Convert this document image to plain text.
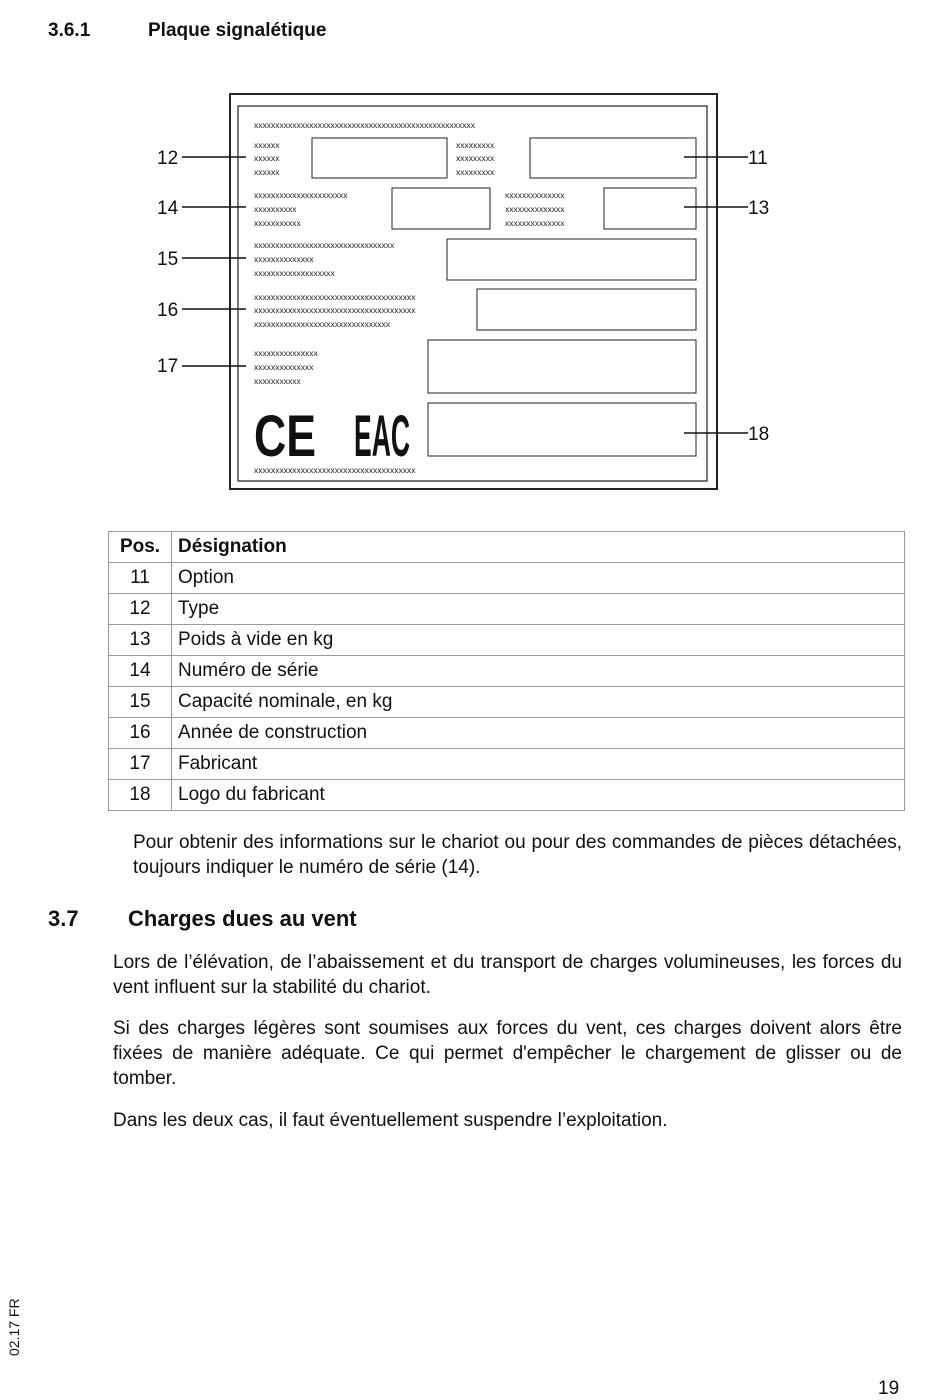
3.6.1	Plaque signalétique
xxxxxxxxxxxxxxxxxxxxxxxxxxxxxxxxxxxxxxxxxxxxxxxxxxxx
xxxxxx
xxxxxx
xxxxxx
xxxxxxxxx
xxxxxxxxx
xxxxxxxxx
xxxxxxxxxxxxxxxxxxxxxx
xxxxxxxxxx
xxxxxxxxxxx
xxxxxxxxxxxxxx
xxxxxxxxxxxxxx
xxxxxxxxxxxxxx
xxxxxxxxxxxxxxxxxxxxxxxxxxxxxxxxx
xxxxxxxxxxxxxx
xxxxxxxxxxxxxxxxxxx
xxxxxxxxxxxxxxxxxxxxxxxxxxxxxxxxxxxxxx
xxxxxxxxxxxxxxxxxxxxxxxxxxxxxxxxxxxxxx
xxxxxxxxxxxxxxxxxxxxxxxxxxxxxxxx
xxxxxxxxxxxxxxx
xxxxxxxxxxxxxx
xxxxxxxxxxx
xxxxxxxxxxxxxxxxxxxxxxxxxxxxxxxxxxxxxx
CE EAC
12
14
15
16
17
11
13
18
Pos.	Désignation
11	Option
12	Type
13	Poids à vide en kg
14	Numéro de série
15	Capacité nominale, en kg
16	Année de construction
17	Fabricant
18	Logo du fabricant

Pour obtenir des informations sur le chariot ou pour des commandes de pièces détachées, toujours indiquer le numéro de série (14).

3.7 Charges dues au vent

Lors de l’élévation, de l’abaissement et du transport de charges volumineuses, les forces du vent influent sur la stabilité du chariot.

Si des charges légères sont soumises aux forces du vent, ces charges doivent alors être fixées de manière adéquate. Ce qui permet d'empêcher le chargement de glisser ou de tomber.

Dans les deux cas, il faut éventuellement suspendre l’exploitation.

02.17 FR
19
